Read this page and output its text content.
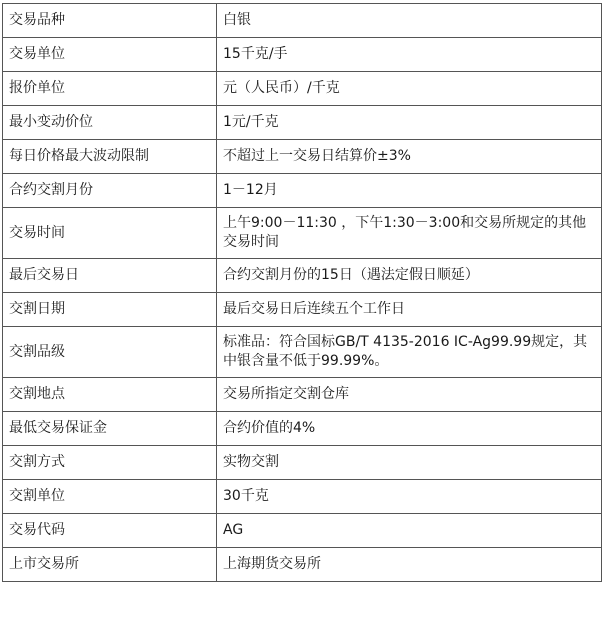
交易品种	白银
交易单位	15千克/手
报价单位	元（人民币）/千克
最小变动价位	1元/千克
每日价格最大波动限制	不超过上一交易日结算价±3%
合约交割月份	1－12月
交易时间	上午9:00－11:30 ，下午1:30－3:00和交易所规定的其他交易时间
最后交易日	合约交割月份的15日（遇法定假日顺延）
交割日期	最后交易日后连续五个工作日
交割品级	标准品：符合国标GB/T 4135-2016 IC-Ag99.99规定，其中银含量不低于99.99%。
交割地点	交易所指定交割仓库
最低交易保证金	合约价值的4%
交割方式	实物交割
交割单位	30千克
交易代码	AG
上市交易所	上海期货交易所
